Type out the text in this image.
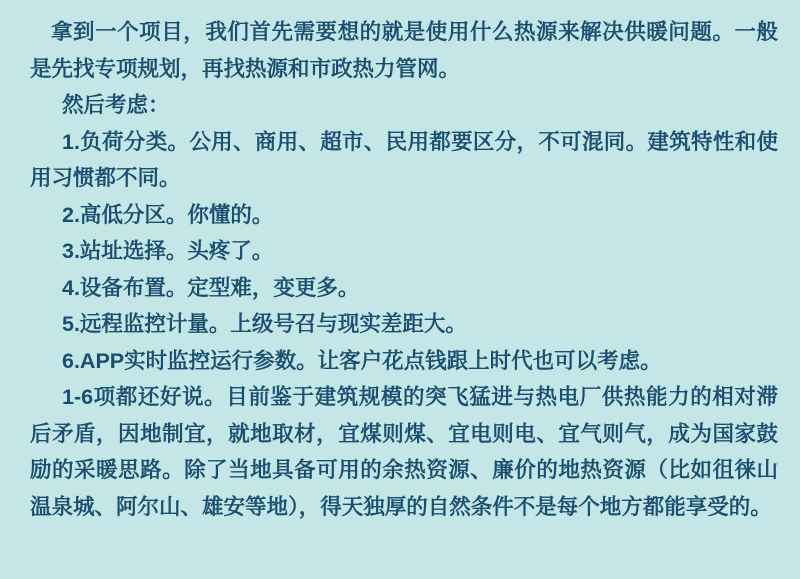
拿到一个项目，我们首先需要想的就是使用什么热源来解决供暖问题。一般是先找专项规划，再找热源和市政热力管网。

然后考虑：

1.负荷分类。公用、商用、超市、民用都要区分，不可混同。建筑特性和使用习惯都不同。

2.高低分区。你懂的。

3.站址选择。头疼了。

4.设备布置。定型难，变更多。

5.远程监控计量。上级号召与现实差距大。

6.APP实时监控运行参数。让客户花点钱跟上时代也可以考虑。

1-6项都还好说。目前鉴于建筑规模的突飞猛进与热电厂供热能力的相对滞后矛盾，因地制宜，就地取材，宜煤则煤、宜电则电、宜气则气，成为国家鼓励的采暖思路。除了当地具备可用的余热资源、廉价的地热资源（比如徂徕山温泉城、阿尔山、雄安等地），得天独厚的自然条件不是每个地方都能享受的。
